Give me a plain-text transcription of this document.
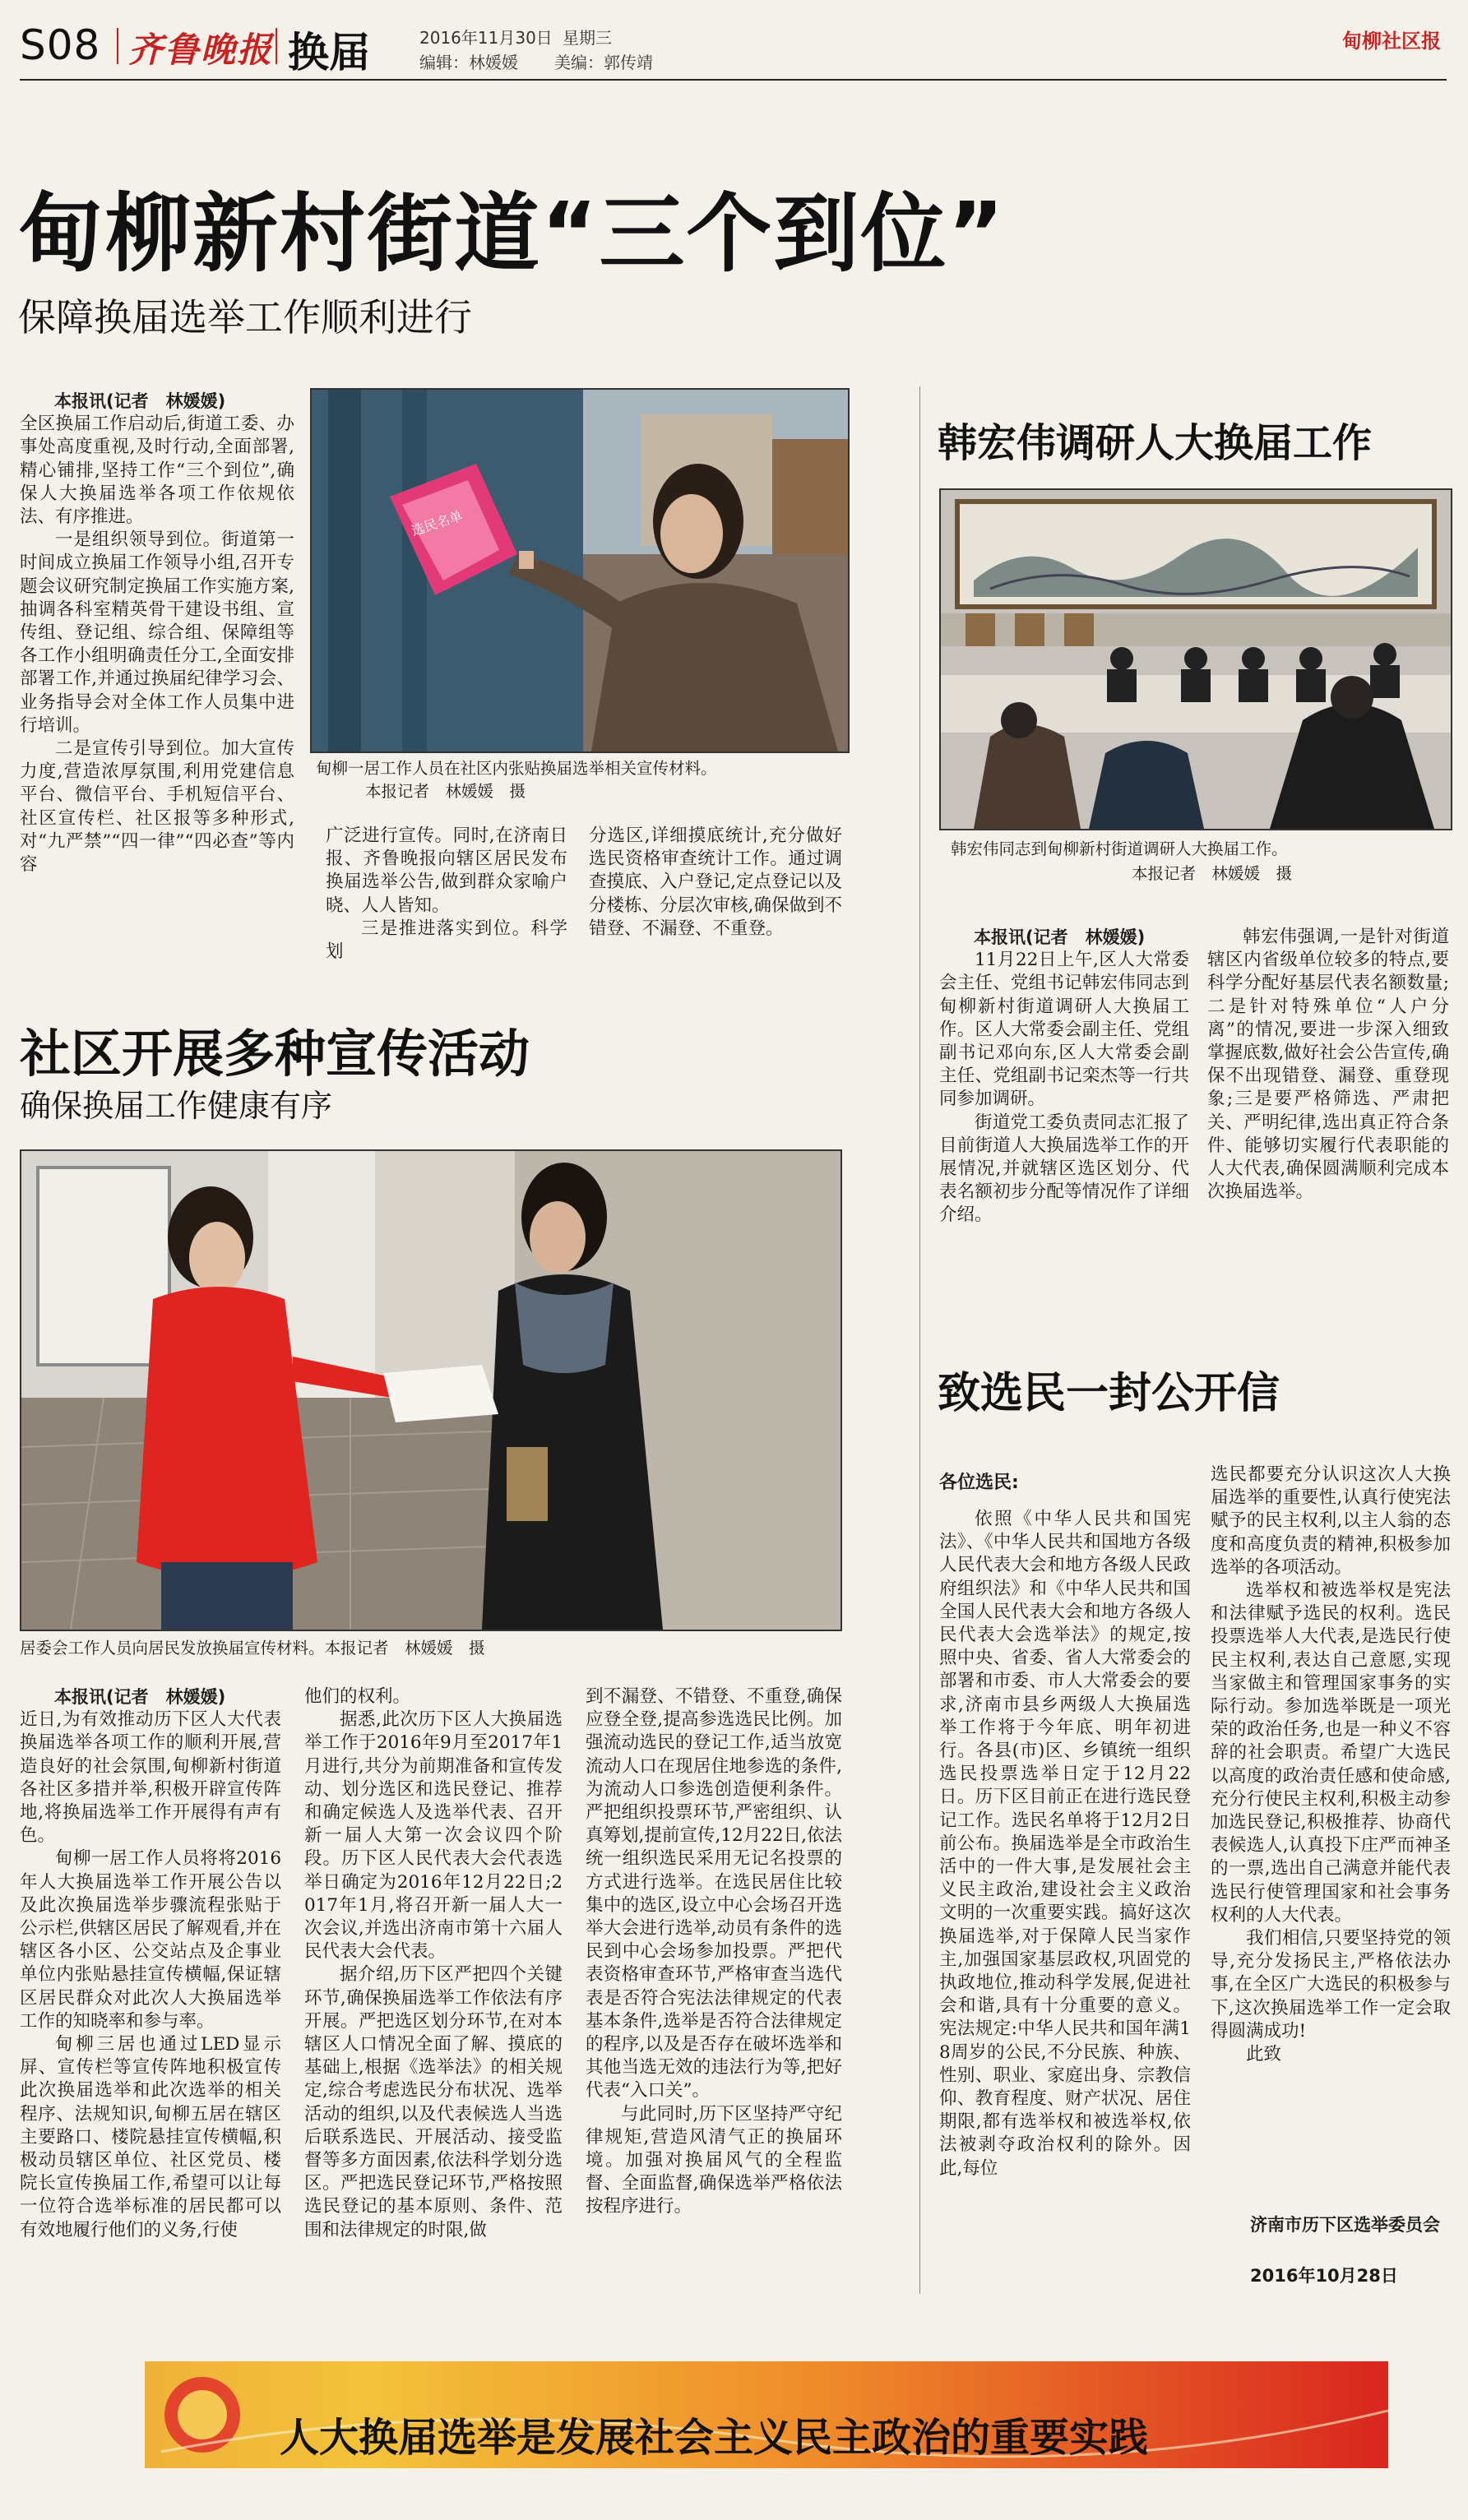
S08 齐鲁晚报 换届	2016年11月30日 星期三
编辑：林媛媛 美编：郭传靖
甸柳社区报
甸柳新村街道“三个到位”
保障换届选举工作顺利进行
选民名单
甸柳一居工作人员在社区内张贴换届选举相关宣传材料。
本报记者　林媛媛　摄
本报讯(记者　林媛媛)

全区换届工作启动后,街道工委、办事处高度重视,及时行动,全面部署,精心铺排,坚持工作“三个到位”,确保人大换届选举各项工作依规依法、有序推进。

一是组织领导到位。街道第一时间成立换届工作领导小组,召开专题会议研究制定换届工作实施方案,抽调各科室精英骨干建设书组、宣传组、登记组、综合组、保障组等各工作小组明确责任分工,全面安排部署工作,并通过换届纪律学习会、业务指导会对全体工作人员集中进行培训。

二是宣传引导到位。加大宣传力度,营造浓厚氛围,利用党建信息平台、微信平台、手机短信平台、社区宣传栏、社区报等多种形式,对“九严禁”“四一律”“四必查”等内容

广泛进行宣传。同时,在济南日报、齐鲁晚报向辖区居民发布换届选举公告,做到群众家喻户晓、人人皆知。

三是推进落实到位。科学划

分选区,详细摸底统计,充分做好选民资格审查统计工作。通过调查摸底、入户登记,定点登记以及分楼栋、分层次审核,确保做到不错登、不漏登、不重登。

韩宏伟调研人大换届工作
韩宏伟同志到甸柳新村街道调研人大换届工作。
本报记者　林媛媛　摄
本报讯(记者　林媛媛)

11月22日上午,区人大常委会主任、党组书记韩宏伟同志到甸柳新村街道调研人大换届工作。区人大常委会副主任、党组副书记邓向东,区人大常委会副主任、党组副书记栾杰等一行共同参加调研。

街道党工委负责同志汇报了目前街道人大换届选举工作的开展情况,并就辖区选区划分、代表名额初步分配等情况作了详细介绍。

韩宏伟强调,一是针对街道辖区内省级单位较多的特点,要科学分配好基层代表名额数量;二是针对特殊单位“人户分离”的情况,要进一步深入细致掌握底数,做好社会公告宣传,确保不出现错登、漏登、重登现象;三是要严格筛选、严肃把关、严明纪律,选出真正符合条件、能够切实履行代表职能的人大代表,确保圆满顺利完成本次换届选举。

社区开展多种宣传活动
确保换届工作健康有序
居委会工作人员向居民发放换届宣传材料。本报记者　林媛媛　摄
本报讯(记者　林媛媛)

近日,为有效推动历下区人大代表换届选举各项工作的顺利开展,营造良好的社会氛围,甸柳新村街道各社区多措并举,积极开辟宣传阵地,将换届选举工作开展得有声有色。

甸柳一居工作人员将将2016年人大换届选举工作开展公告以及此次换届选举步骤流程张贴于公示栏,供辖区居民了解观看,并在辖区各小区、公交站点及企事业单位内张贴悬挂宣传横幅,保证辖区居民群众对此次人大换届选举工作的知晓率和参与率。

甸柳三居也通过LED显示屏、宣传栏等宣传阵地积极宣传此次换届选举和此次选举的相关程序、法规知识,甸柳五居在辖区主要路口、楼院悬挂宣传横幅,积极动员辖区单位、社区党员、楼院长宣传换届工作,希望可以让每一位符合选举标准的居民都可以有效地履行他们的义务,行使

他们的权利。

据悉,此次历下区人大换届选举工作于2016年9月至2017年1月进行,共分为前期准备和宣传发动、划分选区和选民登记、推荐和确定候选人及选举代表、召开新一届人大第一次会议四个阶段。历下区人民代表大会代表选举日确定为2016年12月22日;2017年1月,将召开新一届人大一次会议,并选出济南市第十六届人民代表大会代表。

据介绍,历下区严把四个关键环节,确保换届选举工作依法有序开展。严把选区划分环节,在对本辖区人口情况全面了解、摸底的基础上,根据《选举法》的相关规定,综合考虑选民分布状况、选举活动的组织,以及代表候选人当选后联系选民、开展活动、接受监督等多方面因素,依法科学划分选区。严把选民登记环节,严格按照选民登记的基本原则、条件、范围和法律规定的时限,做

到不漏登、不错登、不重登,确保应登全登,提高参选选民比例。加强流动选民的登记工作,适当放宽流动人口在现居住地参选的条件,为流动人口参选创造便利条件。严把组织投票环节,严密组织、认真筹划,提前宣传,12月22日,依法统一组织选民采用无记名投票的方式进行选举。在选民居住比较集中的选区,设立中心会场召开选举大会进行选举,动员有条件的选民到中心会场参加投票。严把代表资格审查环节,严格审查当选代表是否符合宪法法律规定的代表基本条件,选举是否符合法律规定的程序,以及是否存在破坏选举和其他当选无效的违法行为等,把好代表“入口关”。

与此同时,历下区坚持严守纪律规矩,营造风清气正的换届环境。加强对换届风气的全程监督、全面监督,确保选举严格依法按程序进行。

致选民一封公开信
各位选民:

依照《中华人民共和国宪法》、《中华人民共和国地方各级人民代表大会和地方各级人民政府组织法》和《中华人民共和国全国人民代表大会和地方各级人民代表大会选举法》的规定,按照中央、省委、省人大常委会的部署和市委、市人大常委会的要求,济南市县乡两级人大换届选举工作将于今年底、明年初进行。各县(市)区、乡镇统一组织选民投票选举日定于12月22日。历下区目前正在进行选民登记工作。选民名单将于12月2日前公布。换届选举是全市政治生活中的一件大事,是发展社会主义民主政治,建设社会主义政治文明的一次重要实践。搞好这次换届选举,对于保障人民当家作主,加强国家基层政权,巩固党的执政地位,推动科学发展,促进社会和谐,具有十分重要的意义。宪法规定:中华人民共和国年满18周岁的公民,不分民族、种族、性别、职业、家庭出身、宗教信仰、教育程度、财产状况、居住期限,都有选举权和被选举权,依法被剥夺政治权利的除外。因此,每位

选民都要充分认识这次人大换届选举的重要性,认真行使宪法赋予的民主权利,以主人翁的态度和高度负责的精神,积极参加选举的各项活动。

选举权和被选举权是宪法和法律赋予选民的权利。选民投票选举人大代表,是选民行使民主权利,表达自己意愿,实现当家做主和管理国家事务的实际行动。参加选举既是一项光荣的政治任务,也是一种义不容辞的社会职责。希望广大选民以高度的政治责任感和使命感,充分行使民主权利,积极主动参加选民登记,积极推荐、协商代表候选人,认真投下庄严而神圣的一票,选出自己满意并能代表选民行使管理国家和社会事务权利的人大代表。

我们相信,只要坚持党的领导,充分发扬民主,严格依法办事,在全区广大选民的积极参与下,这次换届选举工作一定会取得圆满成功!

此致

济南市历下区选举委员会
2016年10月28日
人大换届选举是发展社会主义民主政治的重要实践
